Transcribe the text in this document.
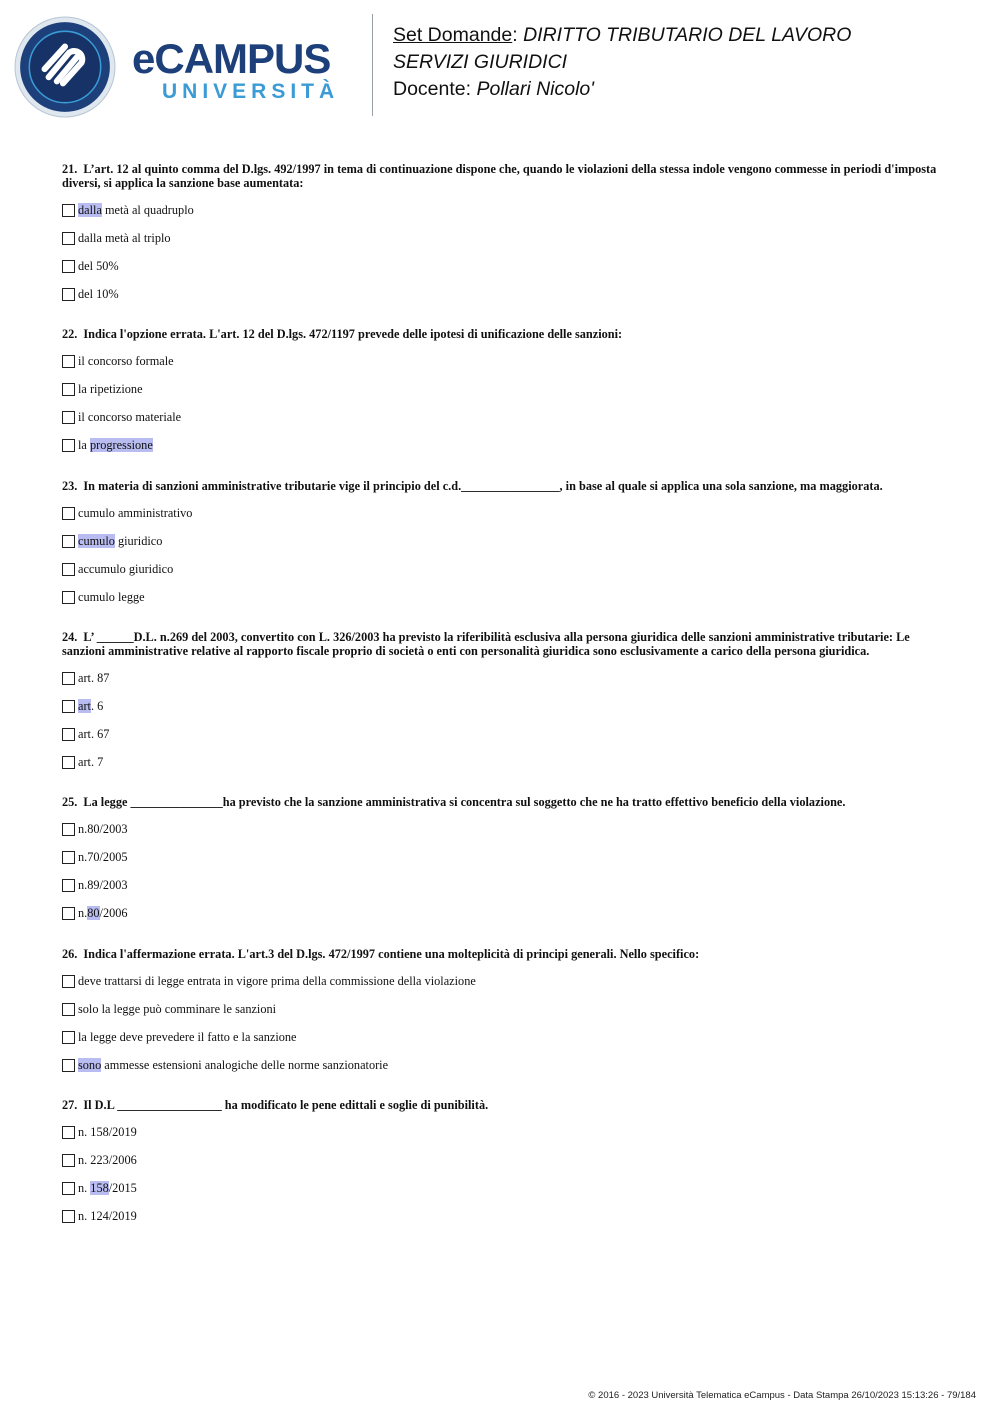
eCAMPUS
UNIVERSITÀ
Set Domande: DIRITTO TRIBUTARIO DEL LAVORO
SERVIZI GIURIDICI
Docente: Pollari Nicolo'
21. L’art. 12 al quinto comma del D.lgs. 492/1997 in tema di continuazione dispone che, quando le violazioni della stessa indole vengono commesse in periodi d'imposta diversi, si applica la sanzione base aumentata:
dalla metà al quadruplo
dalla metà al triplo
del 50%
del 10%
22. Indica l'opzione errata. L'art. 12 del D.lgs. 472/1197 prevede delle ipotesi di unificazione delle sanzioni:
il concorso formale
la ripetizione
il concorso materiale
la progressione
23. In materia di sanzioni amministrative tributarie vige il principio del c.d.________________, in base al quale si applica una sola sanzione, ma maggiorata.
cumulo amministrativo
cumulo giuridico
accumulo giuridico
cumulo legge
24. L’ ______D.L. n.269 del 2003, convertito con L. 326/2003 ha previsto la riferibilità esclusiva alla persona giuridica delle sanzioni amministrative tributarie: Le sanzioni amministrative relative al rapporto fiscale proprio di società o enti con personalità giuridica sono esclusivamente a carico della persona giuridica.
art. 87
art. 6
art. 67
art. 7
25. La legge _______________ha previsto che la sanzione amministrativa si concentra sul soggetto che ne ha tratto effettivo beneficio della violazione.
n.80/2003
n.70/2005
n.89/2003
n.80/2006
26. Indica l'affermazione errata. L'art.3 del D.lgs. 472/1997 contiene una molteplicità di principi generali. Nello specifico:
deve trattarsi di legge entrata in vigore prima della commissione della violazione
solo la legge può comminare le sanzioni
la legge deve prevedere il fatto e la sanzione
sono ammesse estensioni analogiche delle norme sanzionatorie
27. Il D.L _________________ ha modificato le pene edittali e soglie di punibilità.
n. 158/2019
n. 223/2006
n. 158/2015
n. 124/2019
© 2016 - 2023 Università Telematica eCampus - Data Stampa 26/10/2023 15:13:26 - 79/184
